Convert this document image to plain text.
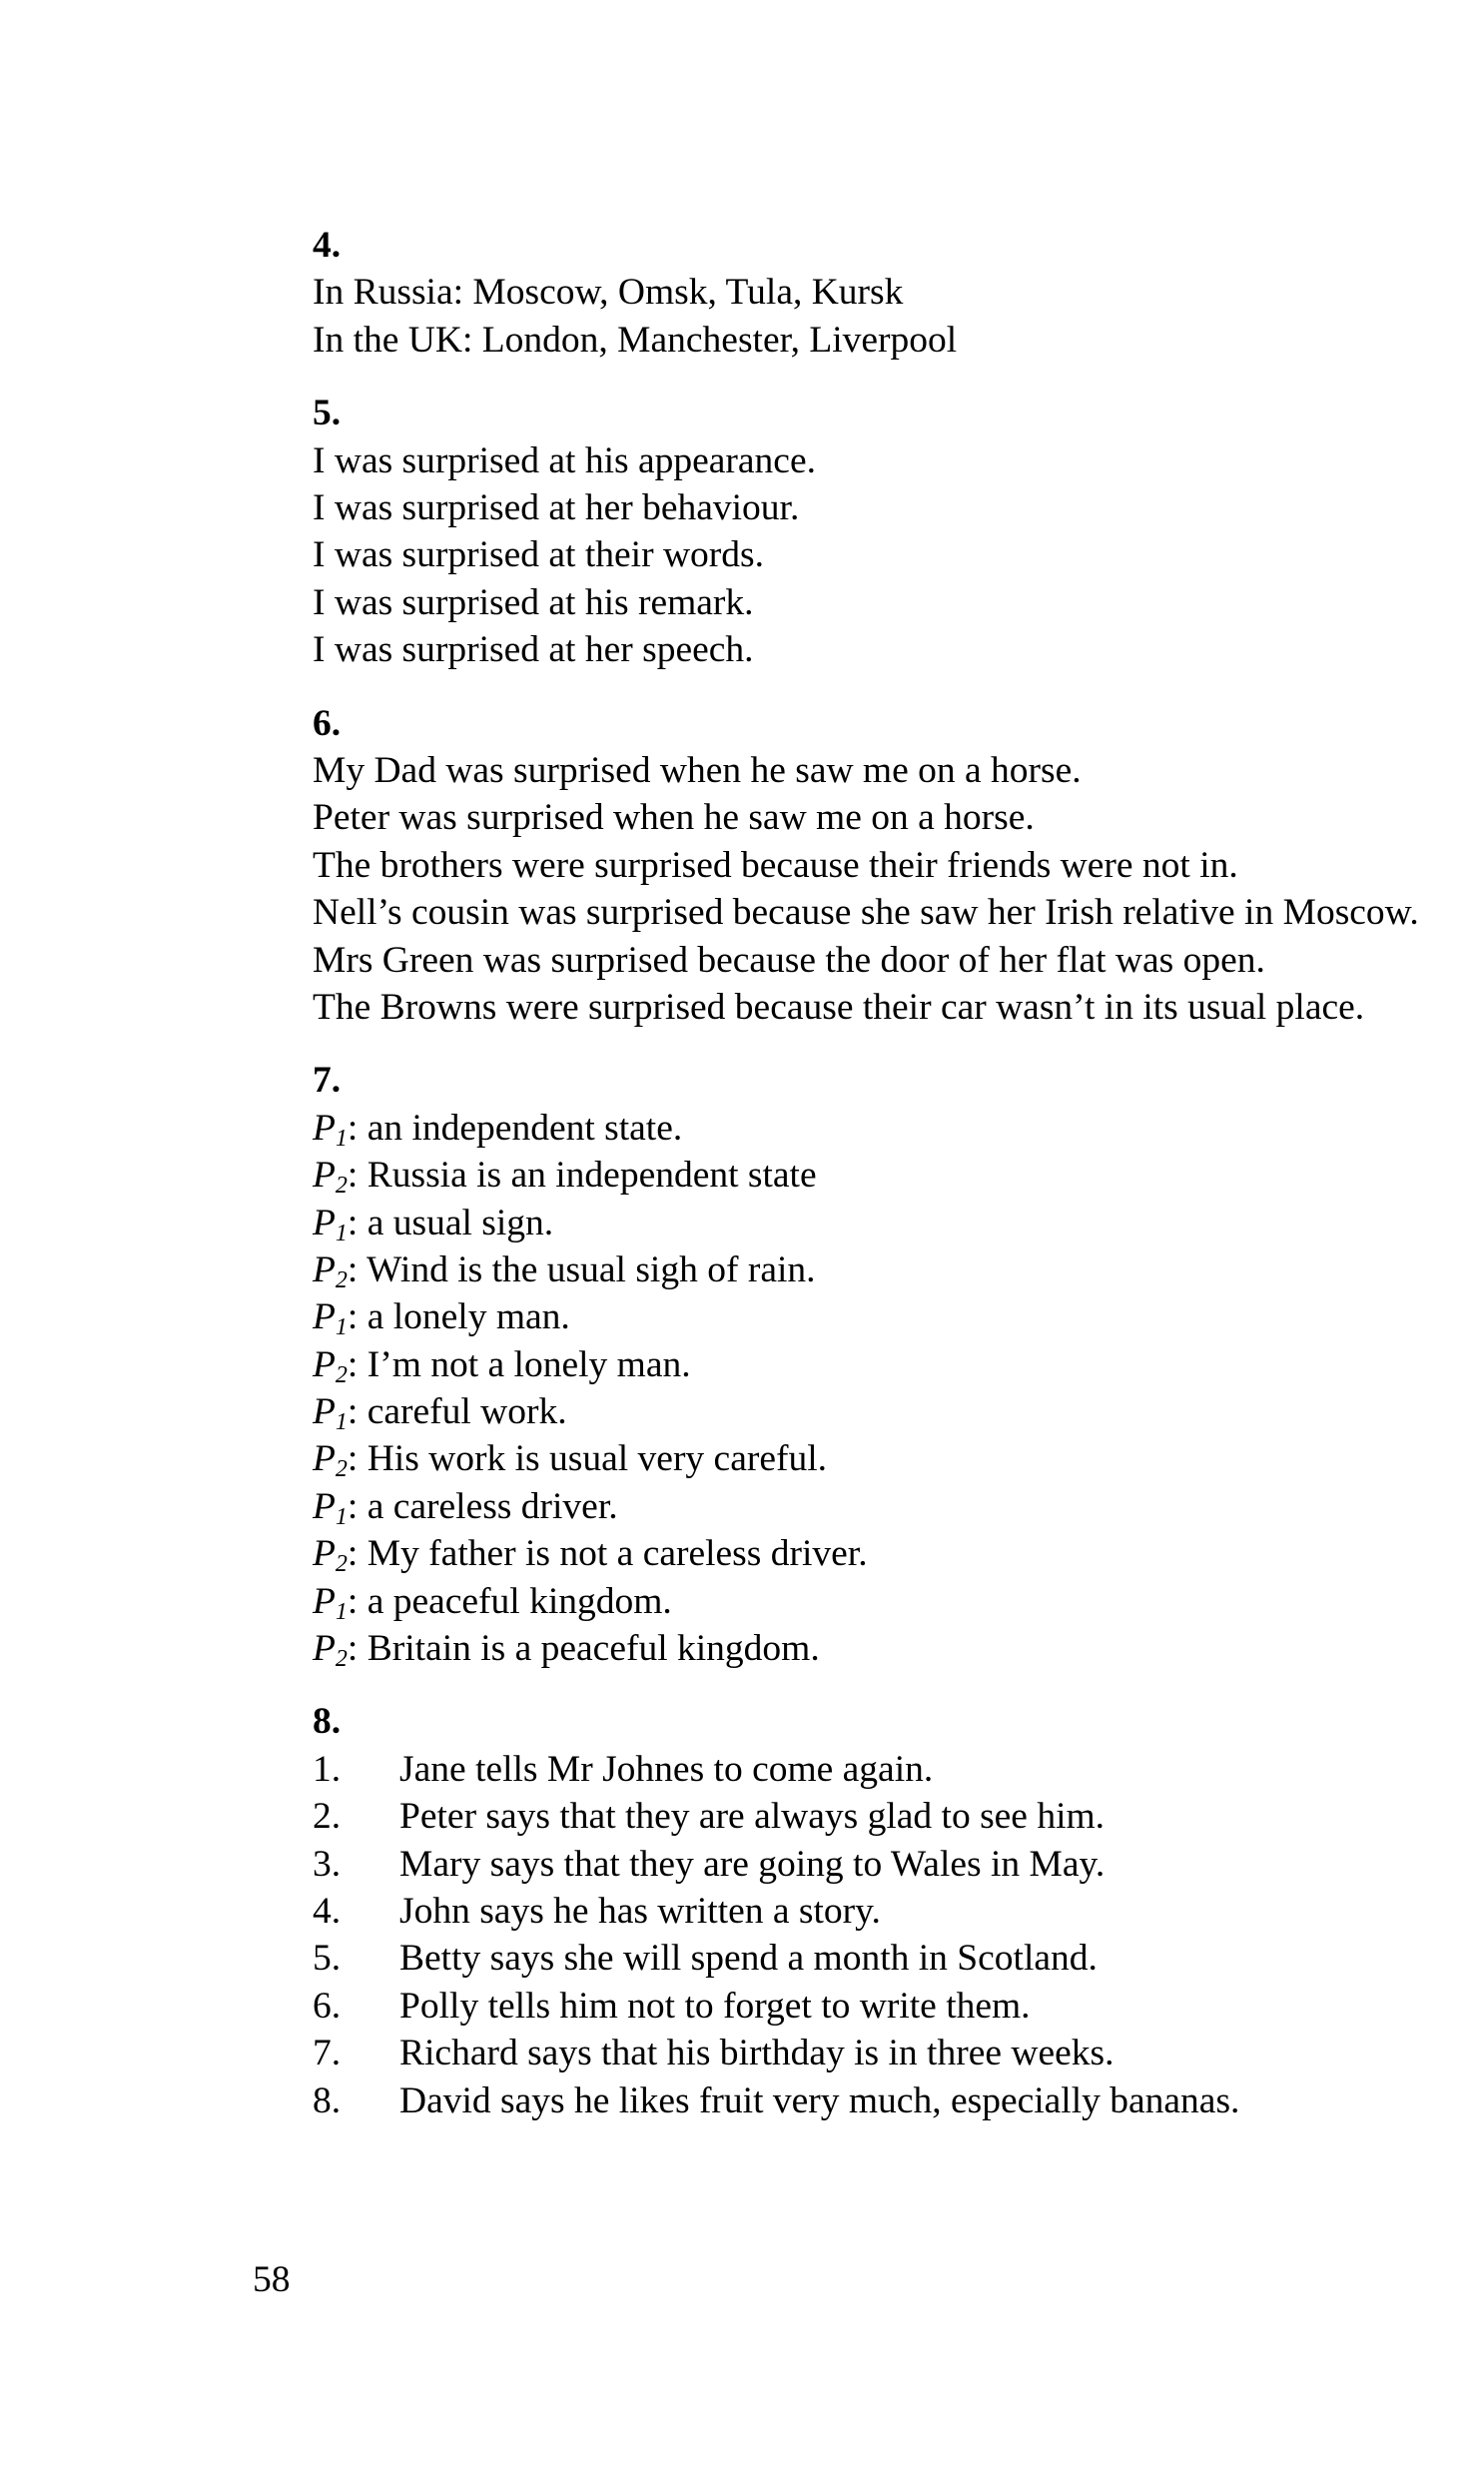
4.
In Russia: Moscow, Omsk, Tula, Kursk
In the UK: London, Manchester, Liverpool
5.
I was surprised at his appearance.
I was surprised at her behaviour.
I was surprised at their words.
I was surprised at his remark.
I was surprised at her speech.
6.
My Dad was surprised when he saw me on a horse.
Peter was surprised when he saw me on a horse.
The brothers were surprised because their friends were not in.
Nell’s cousin was surprised because she saw her Irish relative in Moscow.
Mrs Green was surprised because the door of her flat was open.
The Browns were surprised because their car wasn’t in its usual place.
7.
$P_1$: an independent state.
$P_2$: Russia is an independent state
$P_1$: a usual sign.
$P_2$: Wind is the usual sigh of rain.
$P_1$: a lonely man.
$P_2$: I’m not a lonely man.
$P_1$: careful work.
$P_2$: His work is usual very careful.
$P_1$: a careless driver.
$P_2$: My father is not a careless driver.
$P_1$: a peaceful kingdom.
$P_2$: Britain is a peaceful kingdom.
8.
1. Jane tells Mr Johnes to come again.
2. Peter says that they are always glad to see him.
3. Mary says that they are going to Wales in May.
4. John says he has written a story.
5. Betty says she will spend a month in Scotland.
6. Polly tells him not to forget to write them.
7. Richard says that his birthday is in three weeks.
8. David says he likes fruit very much, especially bananas.
58
